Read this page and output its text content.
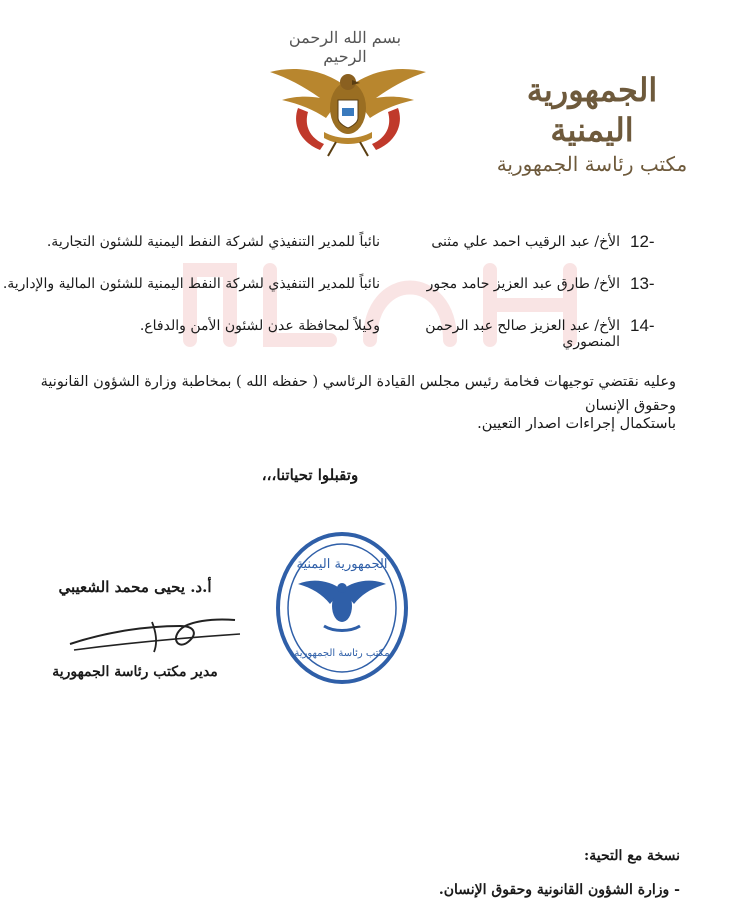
بسم الله الرحمن الرحيم
الجمهورية اليمنية
مكتب رئاسة الجمهورية
12-
الأخ/ عبد الرقيب احمد علي مثنى
نائباً للمدير التنفيذي لشركة النفط اليمنية للشئون التجارية.
13-
الأخ/ طارق عبد العزيز حامد مجور
نائباً للمدير التنفيذي لشركة النفط اليمنية للشئون المالية والإدارية.
14-
الأخ/ عبد العزيز صالح عبد الرحمن المنصوري
وكيلاً لمحافظة عدن لشئون الأمن والدفاع.
وعليه نقتضي توجيهات فخامة رئيس مجلس القيادة الرئاسي ( حفظه الله ) بمخاطبة وزارة الشؤون القانونية وحقوق الإنسان
باستكمال إجراءات اصدار التعيين.
وتقبلوا تحياتنا،،،
الجمهورية اليمنية
مكتب رئاسة الجمهورية
أ.د. يحيى محمد الشعيبي
مدير مكتب رئاسة الجمهورية
نسخة مع التحية:
- وزارة الشؤون القانونية وحقوق الإنسان.
